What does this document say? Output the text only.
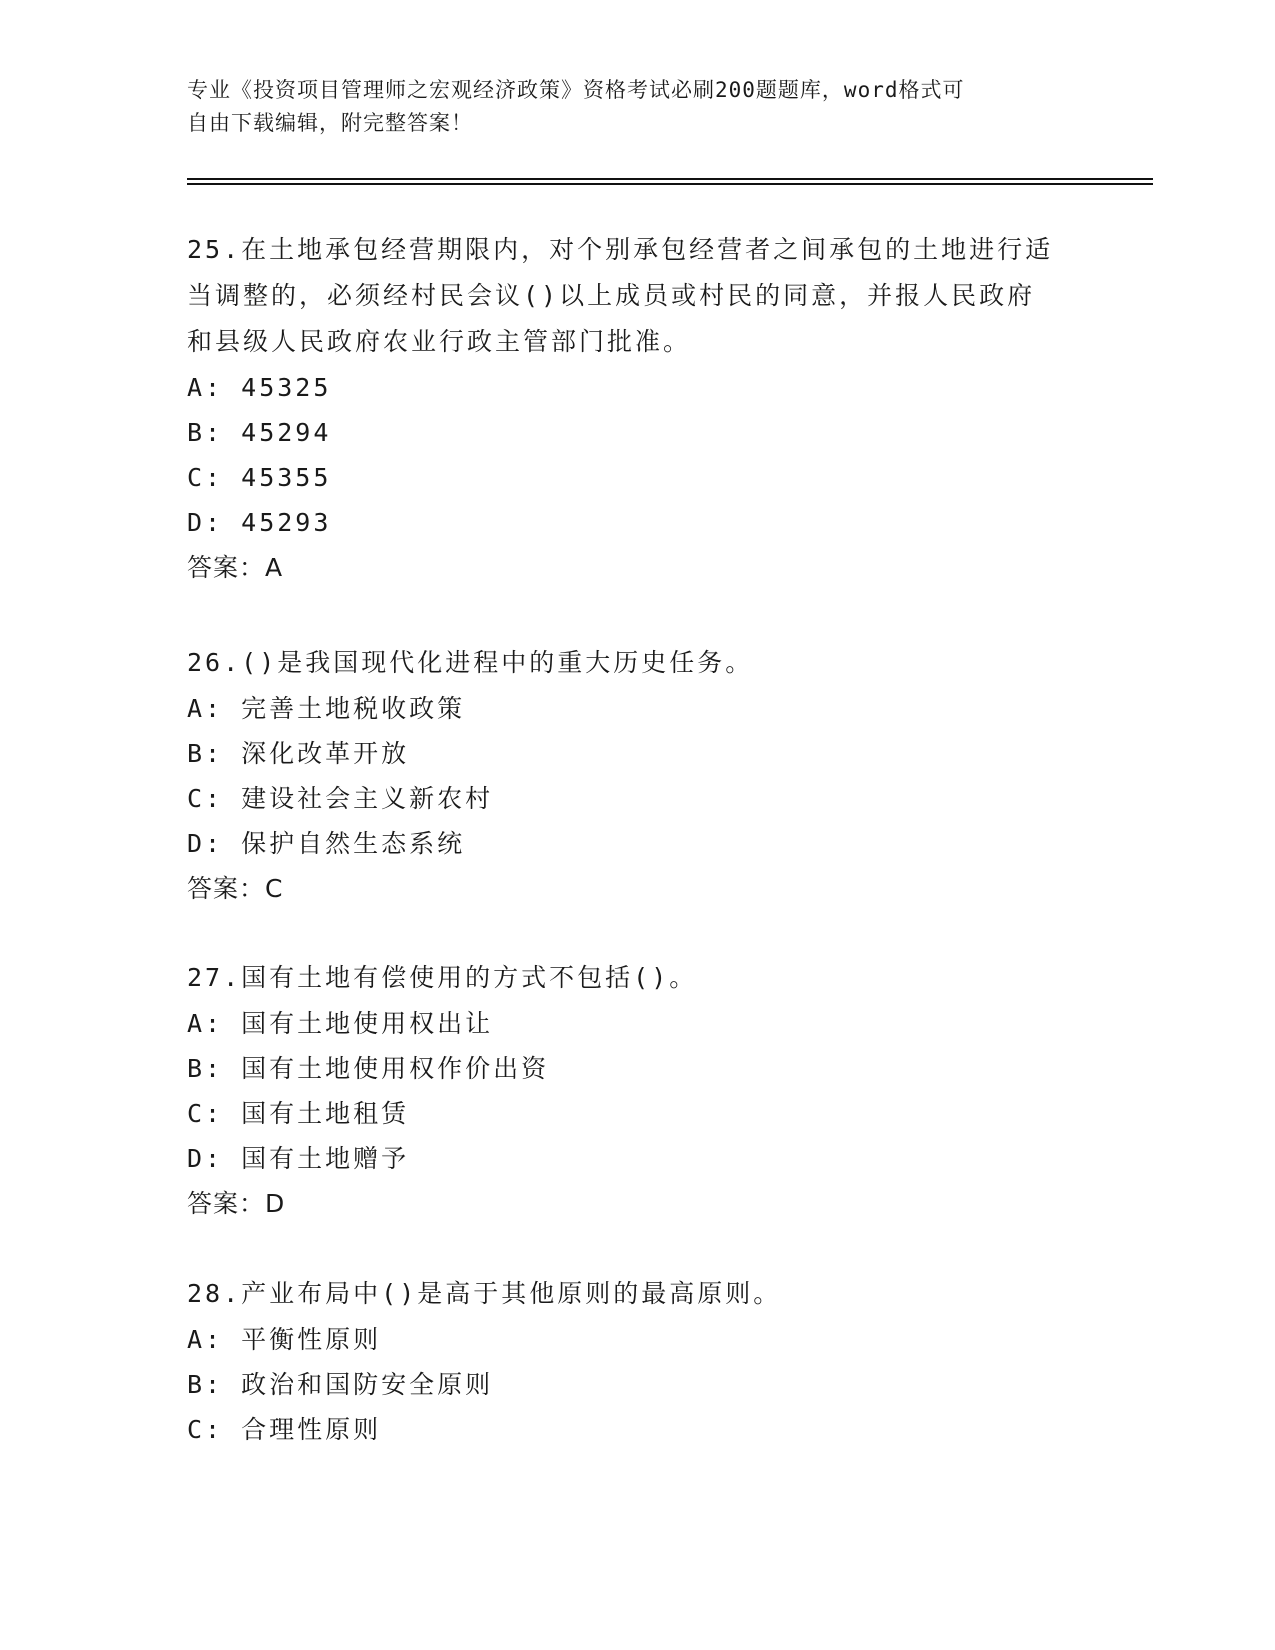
专业《投资项目管理师之宏观经济政策》资格考试必刷200题题库，word格式可
自由下载编辑，附完整答案！
25.在土地承包经营期限内，对个别承包经营者之间承包的土地进行适
当调整的，必须经村民会议()以上成员或村民的同意，并报人民政府
和县级人民政府农业行政主管部门批准。
A: 45325
B: 45294
C: 45355
D: 45293
答案：A
26.()是我国现代化进程中的重大历史任务。
A: 完善土地税收政策
B: 深化改革开放
C: 建设社会主义新农村
D: 保护自然生态系统
答案：C
27.国有土地有偿使用的方式不包括()。
A: 国有土地使用权出让
B: 国有土地使用权作价出资
C: 国有土地租赁
D: 国有土地赠予
答案：D
28.产业布局中()是高于其他原则的最高原则。
A: 平衡性原则
B: 政治和国防安全原则
C: 合理性原则
